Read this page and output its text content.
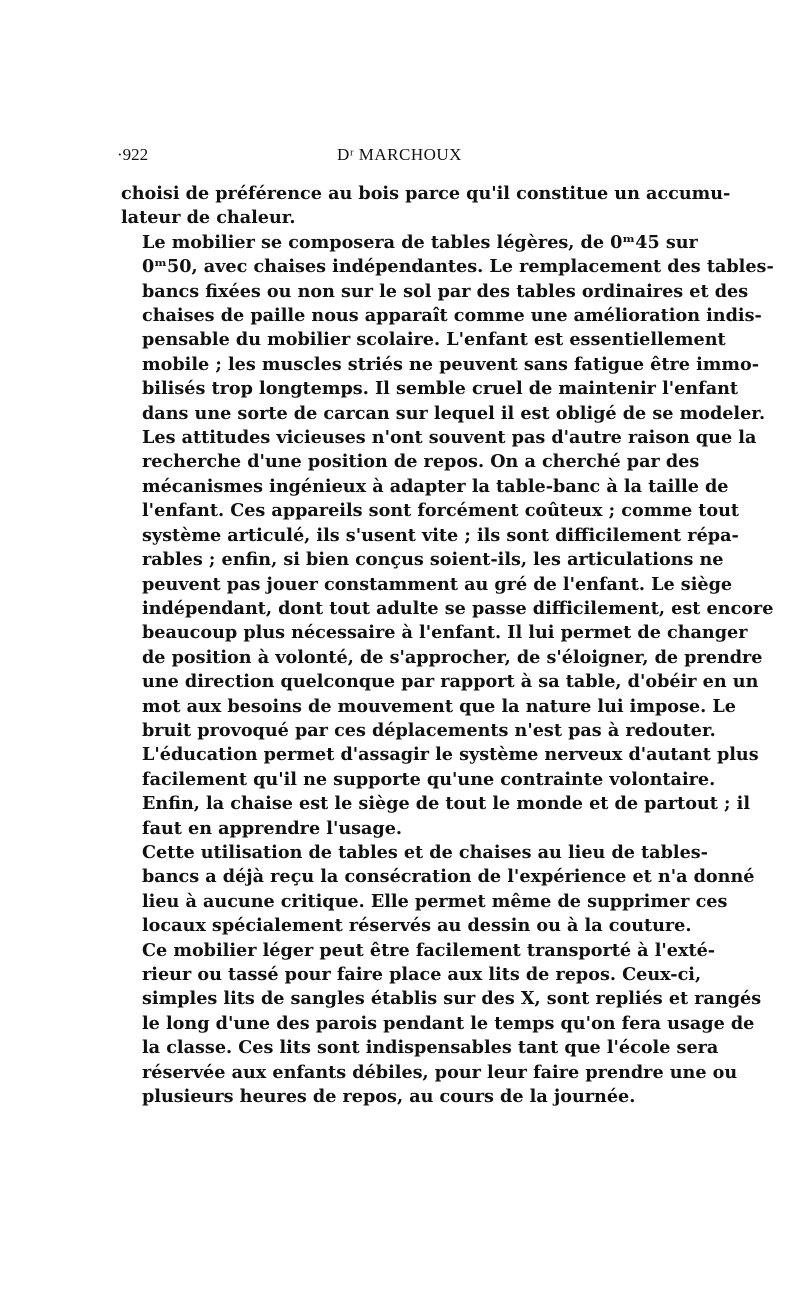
·922	Dʳ MARCHOUX

choisi de préférence au bois parce qu'il constitue un accumu-
lateur de chaleur.

Le mobilier se composera de tables légères, de 0ᵐ45 sur
0ᵐ50, avec chaises indépendantes. Le remplacement des tables-
bancs fixées ou non sur le sol par des tables ordinaires et des
chaises de paille nous apparaît comme une amélioration indis-
pensable du mobilier scolaire. L'enfant est essentiellement
mobile ; les muscles striés ne peuvent sans fatigue être immo-
bilisés trop longtemps. Il semble cruel de maintenir l'enfant
dans une sorte de carcan sur lequel il est obligé de se modeler.
Les attitudes vicieuses n'ont souvent pas d'autre raison que la
recherche d'une position de repos. On a cherché par des
mécanismes ingénieux à adapter la table-banc à la taille de
l'enfant. Ces appareils sont forcément coûteux ; comme tout
système articulé, ils s'usent vite ; ils sont difficilement répa-
rables ; enfin, si bien conçus soient-ils, les articulations ne
peuvent pas jouer constamment au gré de l'enfant. Le siège
indépendant, dont tout adulte se passe difficilement, est encore
beaucoup plus nécessaire à l'enfant. Il lui permet de changer
de position à volonté, de s'approcher, de s'éloigner, de prendre
une direction quelconque par rapport à sa table, d'obéir en un
mot aux besoins de mouvement que la nature lui impose. Le
bruit provoqué par ces déplacements n'est pas à redouter.
L'éducation permet d'assagir le système nerveux d'autant plus
facilement qu'il ne supporte qu'une contrainte volontaire.
Enfin, la chaise est le siège de tout le monde et de partout ; il
faut en apprendre l'usage.

Cette utilisation de tables et de chaises au lieu de tables-
bancs a déjà reçu la consécration de l'expérience et n'a donné
lieu à aucune critique. Elle permet même de supprimer ces
locaux spécialement réservés au dessin ou à la couture.

Ce mobilier léger peut être facilement transporté à l'exté-
rieur ou tassé pour faire place aux lits de repos. Ceux-ci,
simples lits de sangles établis sur des X, sont repliés et rangés
le long d'une des parois pendant le temps qu'on fera usage de
la classe. Ces lits sont indispensables tant que l'école sera
réservée aux enfants débiles, pour leur faire prendre une ou
plusieurs heures de repos, au cours de la journée.
